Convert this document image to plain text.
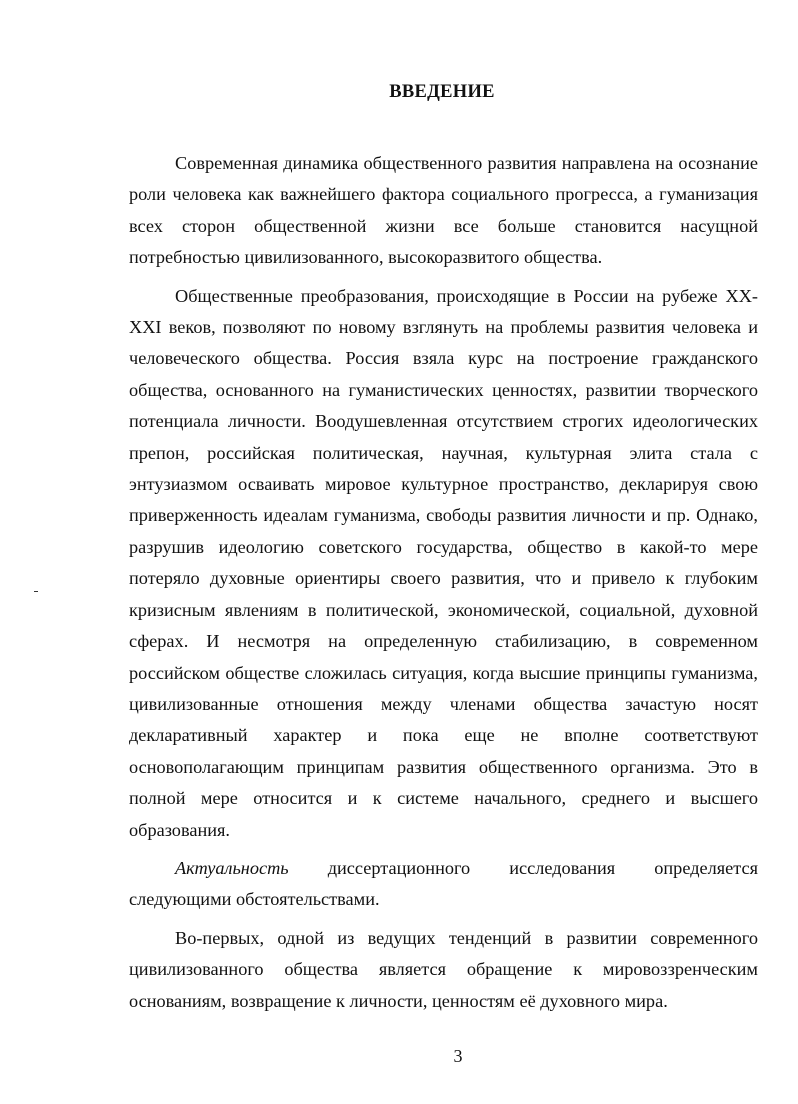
ВВЕДЕНИЕ

Современная динамика общественного развития направлена на осознание роли человека как важнейшего фактора социального прогресса, а гуманизация всех сторон общественной жизни все больше становится насущной потребностью цивилизованного, высокоразвитого общества.

Общественные преобразования, происходящие в России на рубеже XX-XXI веков, позволяют по новому взглянуть на проблемы развития человека и человеческого общества. Россия взяла курс на построение гражданского общества, основанного на гуманистических ценностях, развитии творческого потенциала личности. Воодушевленная отсутствием строгих идеологических препон, российская политическая, научная, культурная элита стала с энтузиазмом осваивать мировое культурное пространство, декларируя свою приверженность идеалам гуманизма, свободы развития личности и пр. Однако, разрушив идеологию советского государства, общество в какой-то мере потеряло духовные ориентиры своего развития, что и привело к глубоким кризисным явлениям в политической, экономической, социальной, духовной сферах. И несмотря на определенную стабилизацию, в современном российском обществе сложилась ситуация, когда высшие принципы гуманизма, цивилизованные отношения между членами общества зачастую носят декларативный характер и пока еще не вполне соответствуют основополагающим принципам развития общественного организма. Это в полной мере относится и к системе начального, среднего и высшего образования.

Актуальность диссертационного исследования определяется следующими обстоятельствами.

Во-первых, одной из ведущих тенденций в развитии современного цивилизованного общества является обращение к мировоззренческим основаниям, возвращение к личности, ценностям её духовного мира.

3
